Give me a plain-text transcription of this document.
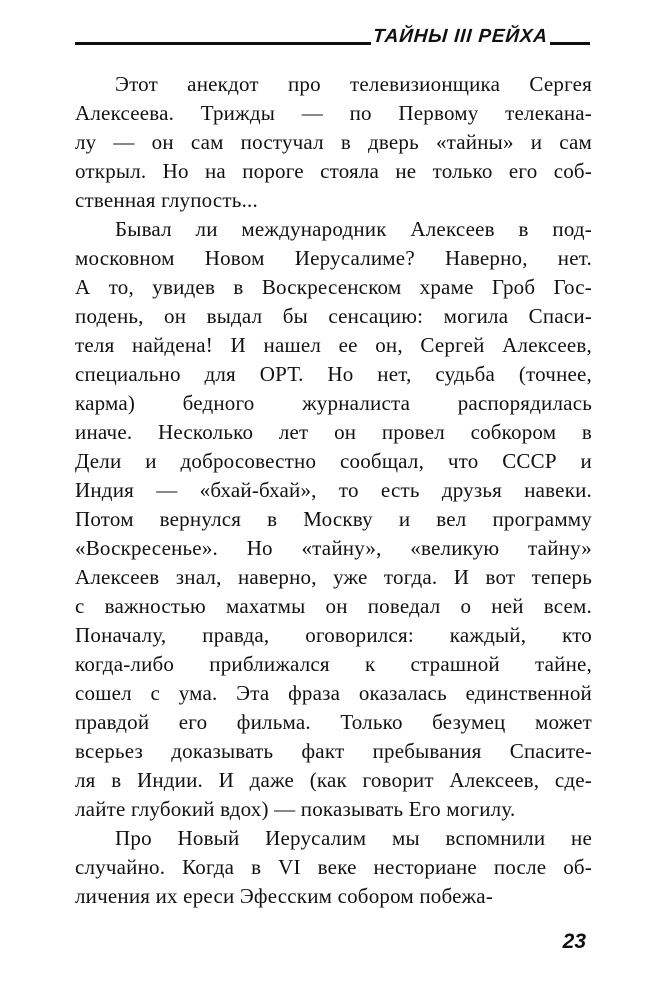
ТАЙНЫ III РЕЙХА
Этот анекдот про телевизионщика Сергея
Алексеева. Трижды — по Первому телекана-
лу — он сам постучал в дверь «тайны» и сам
открыл. Но на пороге стояла не только его соб-
ственная глупость...
Бывал ли международник Алексеев в под-
московном Новом Иерусалиме? Наверно, нет.
А то, увидев в Воскресенском храме Гроб Гос-
подень, он выдал бы сенсацию: могила Спаси-
теля найдена! И нашел ее он, Сергей Алексеев,
специально для ОРТ. Но нет, судьба (точнее,
карма) бедного журналиста распорядилась
иначе. Несколько лет он провел собкором в
Дели и добросовестно сообщал, что СССР и
Индия — «бхай-бхай», то есть друзья навеки.
Потом вернулся в Москву и вел программу
«Воскресенье». Но «тайну», «великую тайну»
Алексеев знал, наверно, уже тогда. И вот теперь
с важностью махатмы он поведал о ней всем.
Поначалу, правда, оговорился: каждый, кто
когда-либо приближался к страшной тайне,
сошел с ума. Эта фраза оказалась единственной
правдой его фильма. Только безумец может
всерьез доказывать факт пребывания Спасите-
ля в Индии. И даже (как говорит Алексеев, сде-
лайте глубокий вдох) — показывать Его могилу.
Про Новый Иерусалим мы вспомнили не
случайно. Когда в VI веке несториане после об-
личения их ереси Эфесским собором побежа-
23
